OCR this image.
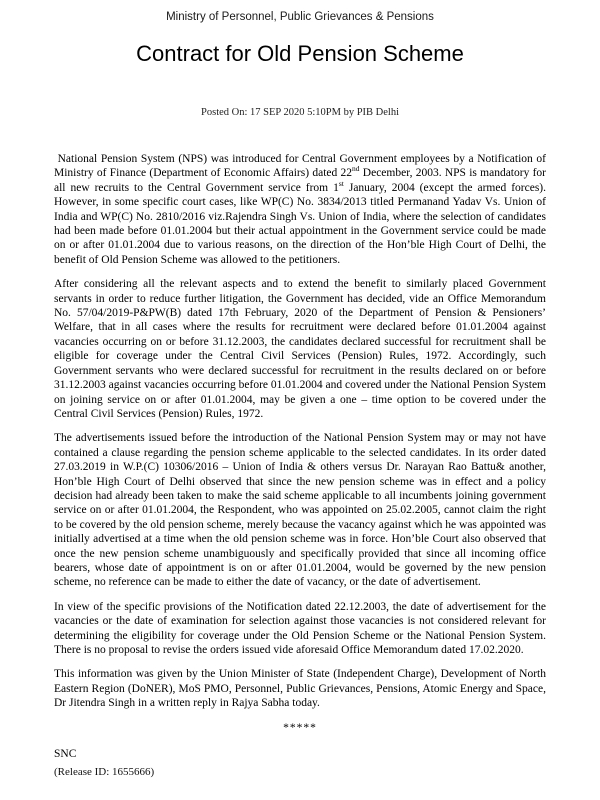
Ministry of Personnel, Public Grievances & Pensions
Contract for Old Pension Scheme
Posted On: 17 SEP 2020 5:10PM by PIB Delhi

National Pension System (NPS) was introduced for Central Government employees by a Notification of Ministry of Finance (Department of Economic Affairs) dated 22nd December, 2003. NPS is mandatory for all new recruits to the Central Government service from 1st January, 2004 (except the armed forces). However, in some specific court cases, like WP(C) No. 3834/2013 titled Permanand Yadav Vs. Union of India and WP(C) No. 2810/2016 viz.Rajendra Singh Vs. Union of India, where the selection of candidates had been made before 01.01.2004 but their actual appointment in the Government service could be made on or after 01.01.2004 due to various reasons, on the direction of the Hon’ble High Court of Delhi, the benefit of Old Pension Scheme was allowed to the petitioners.

After considering all the relevant aspects and to extend the benefit to similarly placed Government servants in order to reduce further litigation, the Government has decided, vide an Office Memorandum No. 57/04/2019-P&PW(B) dated 17th February, 2020 of the Department of Pension & Pensioners’ Welfare, that in all cases where the results for recruitment were declared before 01.01.2004 against vacancies occurring on or before 31.12.2003, the candidates declared successful for recruitment shall be eligible for coverage under the Central Civil Services (Pension) Rules, 1972. Accordingly, such Government servants who were declared successful for recruitment in the results declared on or before 31.12.2003 against vacancies occurring before 01.01.2004 and covered under the National Pension System on joining service on or after 01.01.2004, may be given a one – time option to be covered under the Central Civil Services (Pension) Rules, 1972.

The advertisements issued before the introduction of the National Pension System may or may not have contained a clause regarding the pension scheme applicable to the selected candidates. In its order dated 27.03.2019 in W.P.(C) 10306/2016 – Union of India & others versus Dr. Narayan Rao Battu& another, Hon’ble High Court of Delhi observed that since the new pension scheme was in effect and a policy decision had already been taken to make the said scheme applicable to all incumbents joining government service on or after 01.01.2004, the Respondent, who was appointed on 25.02.2005, cannot claim the right to be covered by the old pension scheme, merely because the vacancy against which he was appointed was initially advertised at a time when the old pension scheme was in force. Hon’ble Court also observed that once the new pension scheme unambiguously and specifically provided that since all incoming office bearers, whose date of appointment is on or after 01.01.2004, would be governed by the new pension scheme, no reference can be made to either the date of vacancy, or the date of advertisement.

In view of the specific provisions of the Notification dated 22.12.2003, the date of advertisement for the vacancies or the date of examination for selection against those vacancies is not considered relevant for determining the eligibility for coverage under the Old Pension Scheme or the National Pension System. There is no proposal to revise the orders issued vide aforesaid Office Memorandum dated 17.02.2020.

This information was given by the Union Minister of State (Independent Charge), Development of North Eastern Region (DoNER), MoS PMO, Personnel, Public Grievances, Pensions, Atomic Energy and Space, Dr Jitendra Singh in a written reply in Rajya Sabha today.

*****
SNC
(Release ID: 1655666)
